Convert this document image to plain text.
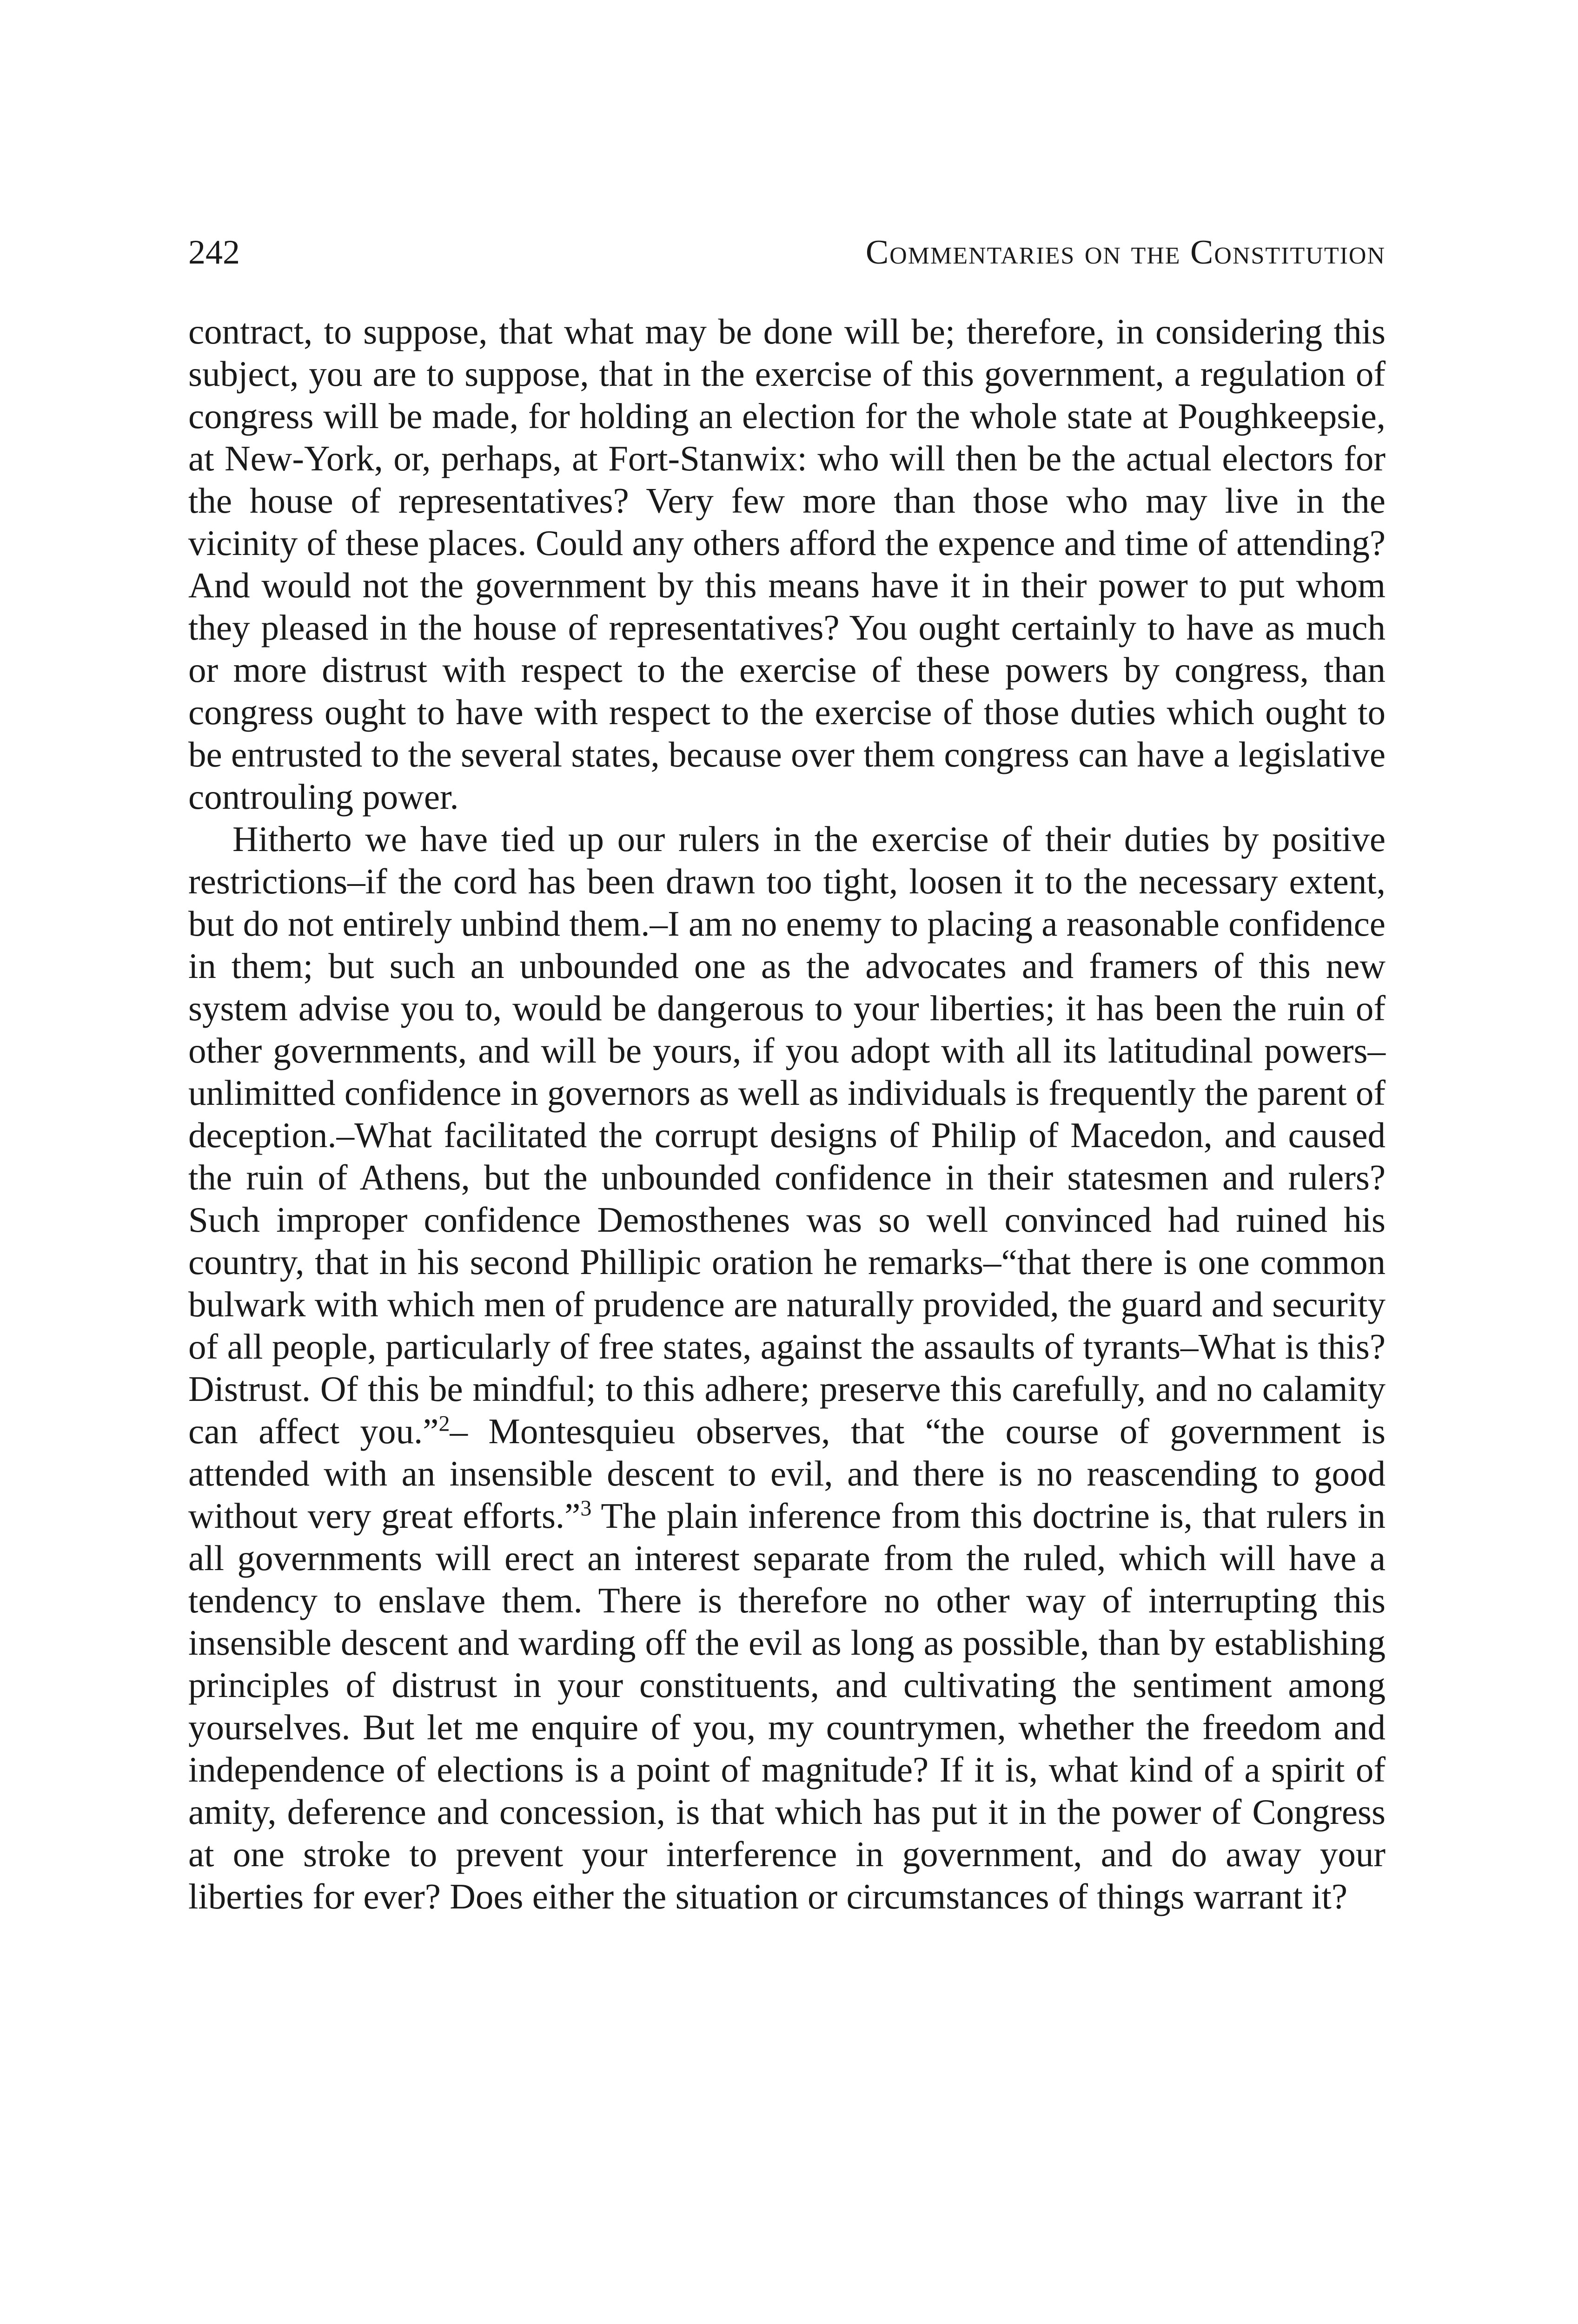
242	Commentaries on the Constitution

contract, to suppose, that what may be done will be; therefore, in considering this subject, you are to suppose, that in the exercise of this government, a regulation of congress will be made, for holding an election for the whole state at Poughkeepsie, at New-York, or, perhaps, at Fort-Stanwix: who will then be the actual electors for the house of representatives? Very few more than those who may live in the vicinity of these places. Could any others afford the expence and time of attending? And would not the government by this means have it in their power to put whom they pleased in the house of representatives? You ought certainly to have as much or more distrust with respect to the exercise of these powers by congress, than congress ought to have with respect to the exercise of those duties which ought to be entrusted to the several states, because over them congress can have a legislative controuling power.

Hitherto we have tied up our rulers in the exercise of their duties by positive restrictions–if the cord has been drawn too tight, loosen it to the necessary extent, but do not entirely unbind them.–I am no enemy to placing a reasonable confidence in them; but such an unbounded one as the advocates and framers of this new system advise you to, would be dangerous to your liberties; it has been the ruin of other governments, and will be yours, if you adopt with all its latitudinal powers–unlimitted confidence in governors as well as individuals is frequently the parent of deception.–What facilitated the corrupt designs of Philip of Macedon, and caused the ruin of Athens, but the unbounded confidence in their statesmen and rulers? Such improper confidence Demosthenes was so well convinced had ruined his country, that in his second Phillipic oration he remarks–“that there is one common bulwark with which men of prudence are naturally provided, the guard and security of all people, particularly of free states, against the assaults of tyrants–What is this? Distrust. Of this be mindful; to this adhere; preserve this carefully, and no calamity can affect you.”$^2$– Montesquieu observes, that “the course of government is attended with an insensible descent to evil, and there is no reascending to good without very great efforts.”$^3$ The plain inference from this doctrine is, that rulers in all governments will erect an interest separate from the ruled, which will have a tendency to enslave them. There is therefore no other way of interrupting this insensible descent and warding off the evil as long as possible, than by establishing principles of distrust in your constituents, and cultivating the sentiment among yourselves. But let me enquire of you, my countrymen, whether the freedom and independence of elections is a point of magnitude? If it is, what kind of a spirit of amity, deference and concession, is that which has put it in the power of Congress at one stroke to prevent your interference in government, and do away your liberties for ever? Does either the situation or circumstances of things warrant it?
